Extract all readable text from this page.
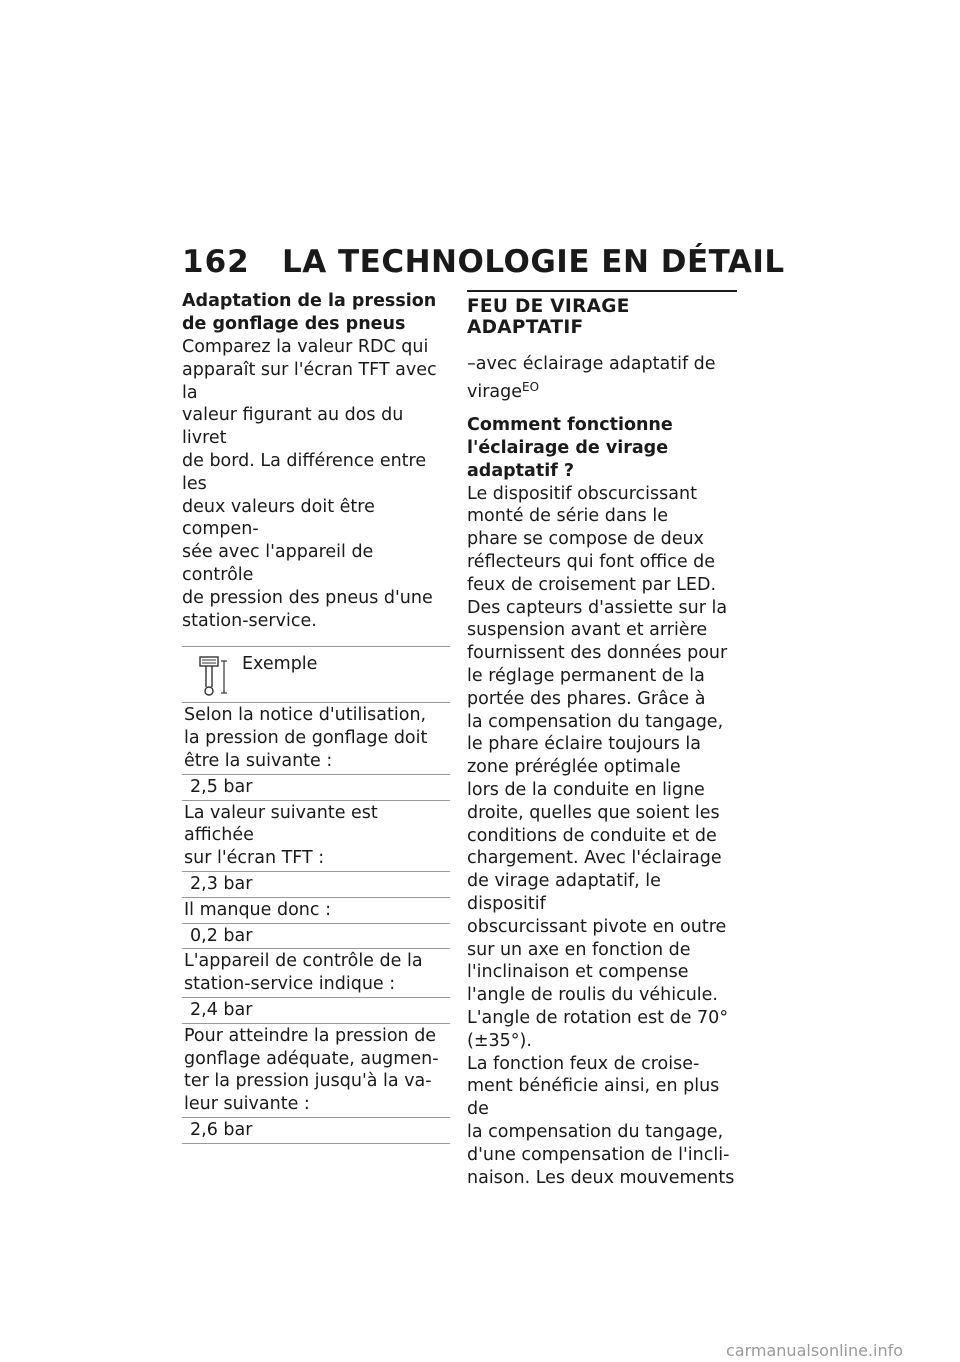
162	LA TECHNOLOGIE EN DÉTAIL

Adaptation de la pression de gonflage des pneus

Comparez la valeur RDC qui
apparaît sur l'écran TFT avec la
valeur figurant au dos du livret
de bord. La différence entre les
deux valeurs doit être compen-
sée avec l'appareil de contrôle
de pression des pneus d'une
station-service.

Exemple
Selon la notice d'utilisation,
la pression de gonflage doit
être la suivante :
2,5 bar
La valeur suivante est affichée
sur l'écran TFT :
2,3 bar
Il manque donc :
0,2 bar
L'appareil de contrôle de la
station-service indique :
2,4 bar
Pour atteindre la pression de
gonflage adéquate, augmen-
ter la pression jusqu'à la va-
leur suivante :
2,6 bar
FEU DE VIRAGE ADAPTATIF
–avec éclairage adaptatif de
virage$^{EO}$

Comment fonctionne l'éclairage de virage adaptatif ?

Le dispositif obscurcissant
monté de série dans le
phare se compose de deux
réflecteurs qui font office de
feux de croisement par LED.
Des capteurs d'assiette sur la
suspension avant et arrière
fournissent des données pour
le réglage permanent de la
portée des phares. Grâce à
la compensation du tangage,
le phare éclaire toujours la
zone préréglée optimale
lors de la conduite en ligne
droite, quelles que soient les
conditions de conduite et de
chargement. Avec l'éclairage
de virage adaptatif, le dispositif
obscurcissant pivote en outre
sur un axe en fonction de
l'inclinaison et compense
l'angle de roulis du véhicule.
L'angle de rotation est de 70°
(±35°).
La fonction feux de croise-
ment bénéficie ainsi, en plus de
la compensation du tangage,
d'une compensation de l'incli-
naison. Les deux mouvements

carmanualsonline.info
